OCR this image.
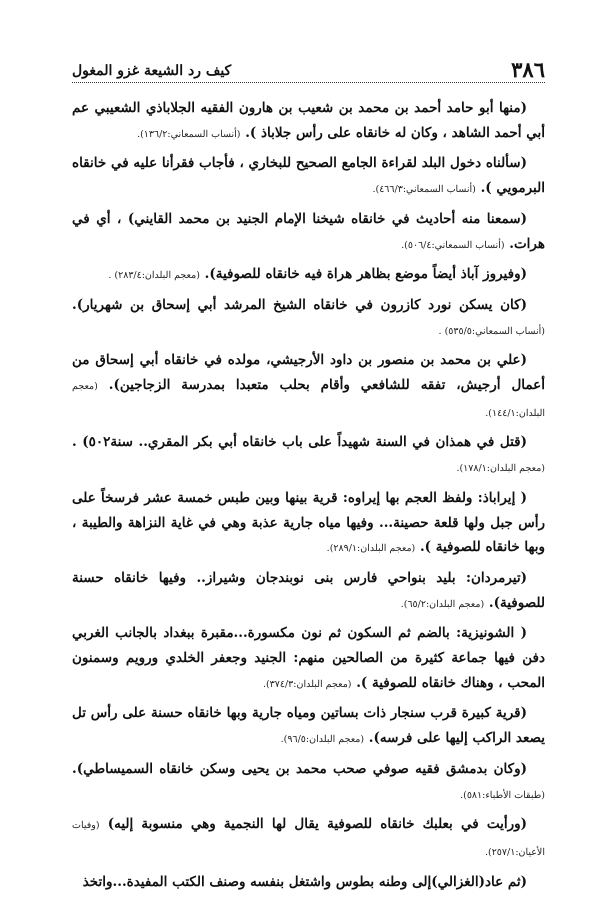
٣٨٦
كيف رد الشيعة غزو المغول

(منها أبو حامد أحمد بن محمد بن شعيب بن هارون الفقيه الجلاباذي الشعيبي عم أبي أحمد الشاهد ، وكان له خانقاه على رأس جلاباذ ). (أنساب السمعاني:١٣٦/٢).

(سألناه دخول البلد لقراءة الجامع الصحيح للبخاري ، فأجاب فقرأنا عليه في خانقاه البرمويي ). (أنساب السمعاني:٤٦٦/٣).

(سمعنا منه أحاديث في خانقاه شيخنا الإمام الجنيد بن محمد القايني) ، أي في هرات. (أنساب السمعاني:٥٠٦/٤).

(وفيروز آباذ أيضاً موضع بظاهر هراة فيه خانقاه للصوفية). (معجم البلدان:٢٨٣/٤) .

(كان يسكن نورد كازرون في خانقاه الشيخ المرشد أبي إسحاق بن شهريار). (أنساب السمعاني:٥٣٥/٥) .

(علي بن محمد بن منصور بن داود الأرجيشي، مولده في خانقاه أبي إسحاق من أعمال أرجيش، تفقه للشافعي وأقام بحلب متعبدا بمدرسة الزجاجين). (معجم البلدان:١٤٤/١).

(قتل في همذان في السنة شهيداً على باب خانقاه أبي بكر المقري.. سنة٥٠٢) . (معجم البلدان:١٧٨/١).

( إيراباذ: ولفظ العجم بها إيراوه: قرية بينها وبين طبس خمسة عشر فرسخاً على رأس جبل ولها قلعة حصينة... وفيها مياه جارية عذبة وهي في غاية النزاهة والطيبة ، وبها خانقاه للصوفية ). (معجم البلدان:٢٨٩/١).

(تيرمردان: بليد بنواحي فارس بنى نوبندجان وشيراز.. وفيها خانقاه حسنة للصوفية). (معجم البلدان:٦٥/٢).

( الشونيزية: بالضم ثم السكون ثم نون مكسورة...مقبرة ببغداد بالجانب الغربي دفن فيها جماعة كثيرة من الصالحين منهم: الجنيد وجعفر الخلدي ورويم وسمنون المحب ، وهناك خانقاه للصوفية ). (معجم البلدان:٣٧٤/٣).

(قرية كبيرة قرب سنجار ذات بساتين ومياه جارية وبها خانقاه حسنة على رأس تل يصعد الراكب إليها على فرسه). (معجم البلدان:٩٦/٥).

(وكان بدمشق فقيه صوفي صحب محمد بن يحيى وسكن خانقاه السميساطي). (طبقات الأطباء:٥٨١).

(ورأيت في بعلبك خانقاه للصوفية يقال لها النجمية وهي منسوبة إليه) (وفيات الأعيان:٢٥٧/١).

(ثم عاد(الغزالي)إلى وطنه بطوس واشتغل بنفسه وصنف الكتب المفيدة...واتخذ
